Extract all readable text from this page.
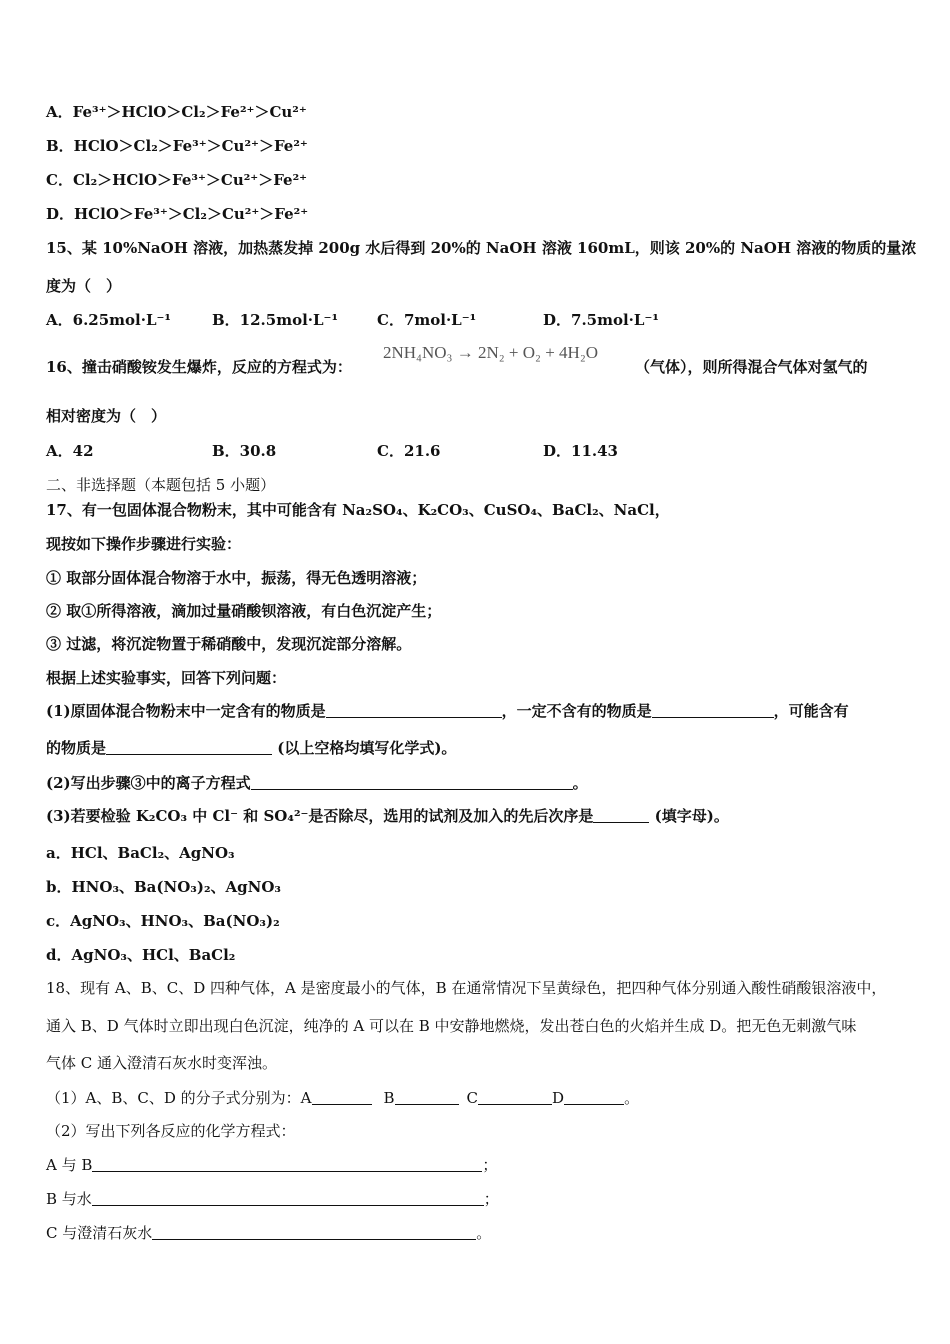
A．Fe³⁺＞HClO＞Cl₂＞Fe²⁺＞Cu²⁺
B．HClO＞Cl₂＞Fe³⁺＞Cu²⁺＞Fe²⁺
C．Cl₂＞HClO＞Fe³⁺＞Cu²⁺＞Fe²⁺
D．HClO＞Fe³⁺＞Cl₂＞Cu²⁺＞Fe²⁺
15、某 10%NaOH 溶液，加热蒸发掉 200g 水后得到 20%的 NaOH 溶液 160mL，则该 20%的 NaOH 溶液的物质的量浓
度为（　）
A．6.25mol·L⁻¹	B．12.5mol·L⁻¹	C．7mol·L⁻¹	D．7.5mol·L⁻¹
16、撞击硝酸铵发生爆炸，反应的方程式为：
2NH₄NO₃ → 2N₂ + O₂ + 4H₂O
（气体），则所得混合气体对氢气的
相对密度为（　）
A．42	B．30.8	C．21.6	D．11.43
二、非选择题（本题包括 5 小题）
17、有一包固体混合物粉末，其中可能含有 Na₂SO₄、K₂CO₃、CuSO₄、BaCl₂、NaCl，
现按如下操作步骤进行实验：
① 取部分固体混合物溶于水中，振荡，得无色透明溶液；
② 取①所得溶液，滴加过量硝酸钡溶液，有白色沉淀产生；
③ 过滤，将沉淀物置于稀硝酸中，发现沉淀部分溶解。
根据上述实验事实，回答下列问题：
(1)原固体混合物粉末中一定含有的物质是	，一定不含有的物质是	，可能含有
的物质是	(以上空格均填写化学式)。
(2)写出步骤③中的离子方程式	。
(3)若要检验 K₂CO₃ 中 Cl⁻ 和 SO₄²⁻是否除尽，选用的试剂及加入的先后次序是	(填字母)。
a．HCl、BaCl₂、AgNO₃
b．HNO₃、Ba(NO₃)₂、AgNO₃
c．AgNO₃、HNO₃、Ba(NO₃)₂
d．AgNO₃、HCl、BaCl₂
18、现有 A、B、C、D 四种气体，A 是密度最小的气体，B 在通常情况下呈黄绿色，把四种气体分别通入酸性硝酸银溶液中，
通入 B、D 气体时立即出现白色沉淀，纯净的 A 可以在 B 中安静地燃烧，发出苍白色的火焰并生成 D。把无色无刺激气味
气体 C 通入澄清石灰水时变浑浊。
（1）A、B、C、D 的分子式分别为：A	B	C	D	。
（2）写出下列各反应的化学方程式：
A 与 B	；
B 与水	；
C 与澄清石灰水	。
